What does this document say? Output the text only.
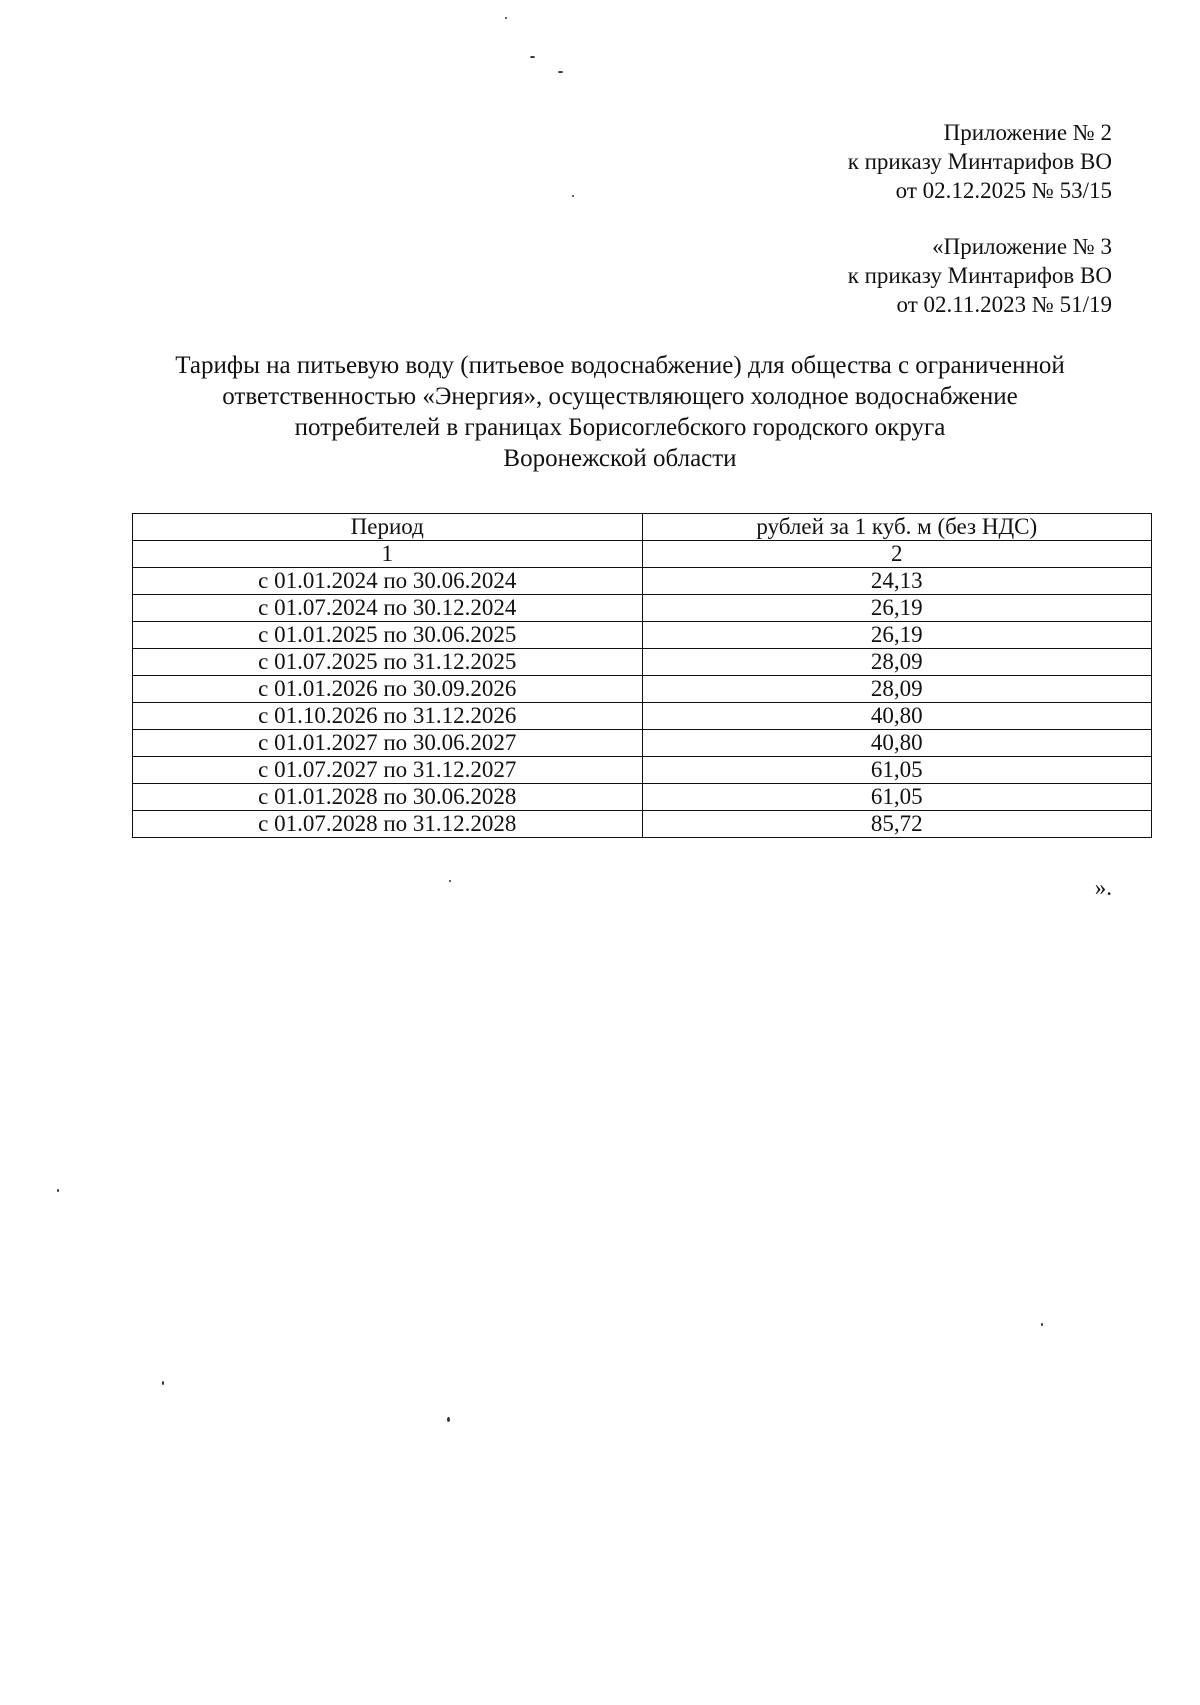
Приложение № 2
к приказу Минтарифов ВО
от 02.12.2025 № 53/15
«Приложение № 3
к приказу Минтарифов ВО
от 02.11.2023 № 51/19
Тарифы на питьевую воду (питьевое водоснабжение) для общества с ограниченной
ответственностью «Энергия», осуществляющего холодное водоснабжение
потребителей в границах Борисоглебского городского округа
Воронежской области
Период	рублей за 1 куб. м (без НДС)
1	2
с 01.01.2024 по 30.06.2024	24,13
с 01.07.2024 по 30.12.2024	26,19
с 01.01.2025 по 30.06.2025	26,19
с 01.07.2025 по 31.12.2025	28,09
с 01.01.2026 по 30.09.2026	28,09
с 01.10.2026 по 31.12.2026	40,80
с 01.01.2027 по 30.06.2027	40,80
с 01.07.2027 по 31.12.2027	61,05
с 01.01.2028 по 30.06.2028	61,05
с 01.07.2028 по 31.12.2028	85,72
».
